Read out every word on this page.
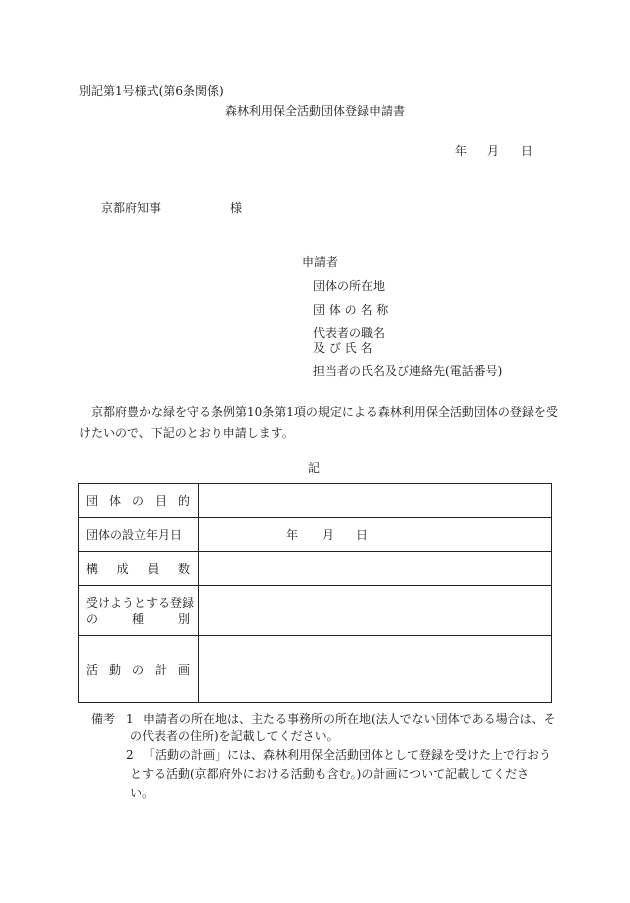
別記第1号様式(第6条関係)
森林利用保全活動団体登録申請書
年 月 日
京都府知事	様
申請者
団体の所在地
団 体 の 名 称
代表者の職名
及 び 氏 名
担当者の氏名及び連絡先(電話番号)
京都府豊かな緑を守る条例第10条第1項の規定による森林利用保全活動団体の登録を受
けたいので、下記のとおり申請します。
記
団 体 の 目 的	

団体の設立年月日	年 月 日

構 成 員 数	

受けようとする登録
の 種 別	

活 動 の 計 画	

備考 1 申請者の所在地は、主たる事務所の所在地(法人でない団体である場合は、そ
の代表者の住所)を記載してください。
2 「活動の計画」には、森林利用保全活動団体として登録を受けた上で行おう
とする活動(京都府外における活動も含む。)の計画について記載してくださ
い。
